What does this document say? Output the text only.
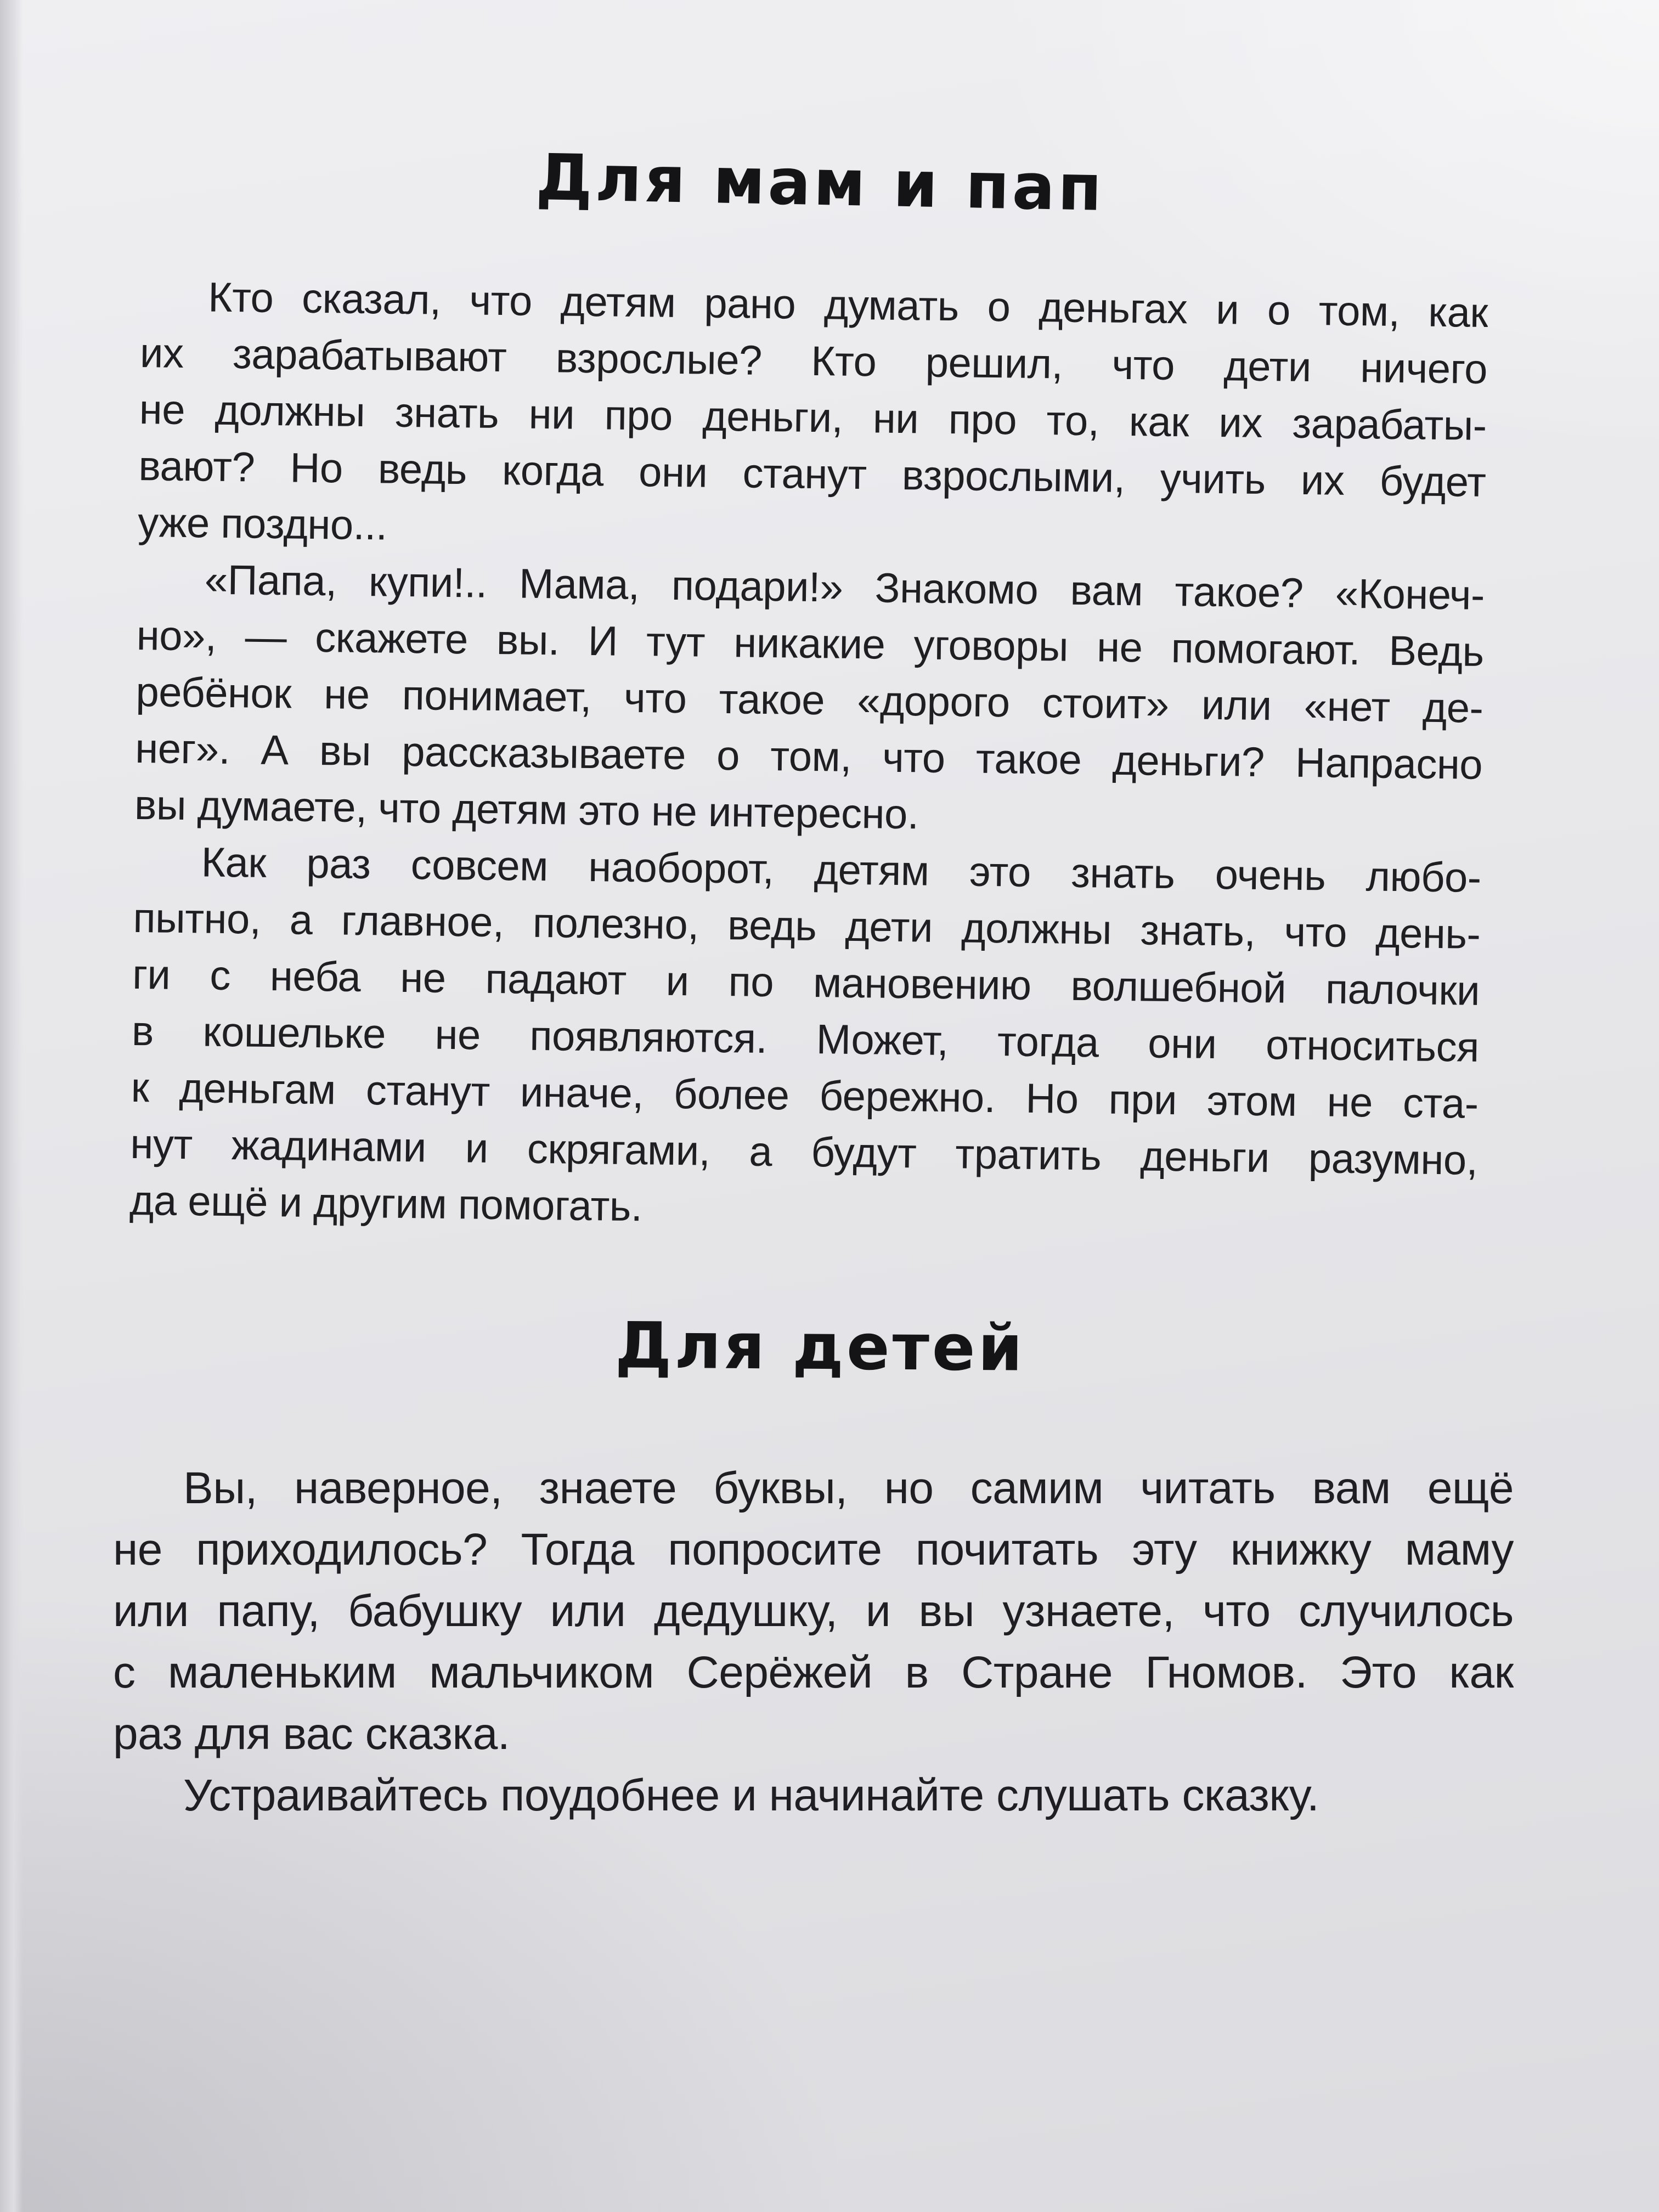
Для мам и пап
Кто сказал, что детям рано думать о деньгах и о том, как
их зарабатывают взрослые? Кто решил, что дети ничего
не должны знать ни про деньги, ни про то, как их зарабаты-
вают? Но ведь когда они станут взрослыми, учить их будет
уже поздно...
«Папа, купи!.. Мама, подари!» Знакомо вам такое? «Конеч-
но», — скажете вы. И тут никакие уговоры не помогают. Ведь
ребёнок не понимает, что такое «дорого стоит» или «нет де-
нег». А вы рассказываете о том, что такое деньги? Напрасно
вы думаете, что детям это не интересно.
Как раз совсем наоборот, детям это знать очень любо-
пытно, а главное, полезно, ведь дети должны знать, что день-
ги с неба не падают и по мановению волшебной палочки
в кошельке не появляются. Может, тогда они относиться
к деньгам станут иначе, более бережно. Но при этом не ста-
нут жадинами и скрягами, а будут тратить деньги разумно,
да ещё и другим помогать.
Для детей
Вы, наверное, знаете буквы, но самим читать вам ещё
не приходилось? Тогда попросите почитать эту книжку маму
или папу, бабушку или дедушку, и вы узнаете, что случилось
с маленьким мальчиком Серёжей в Стране Гномов. Это как
раз для вас сказка.
Устраивайтесь поудобнее и начинайте слушать сказку.
